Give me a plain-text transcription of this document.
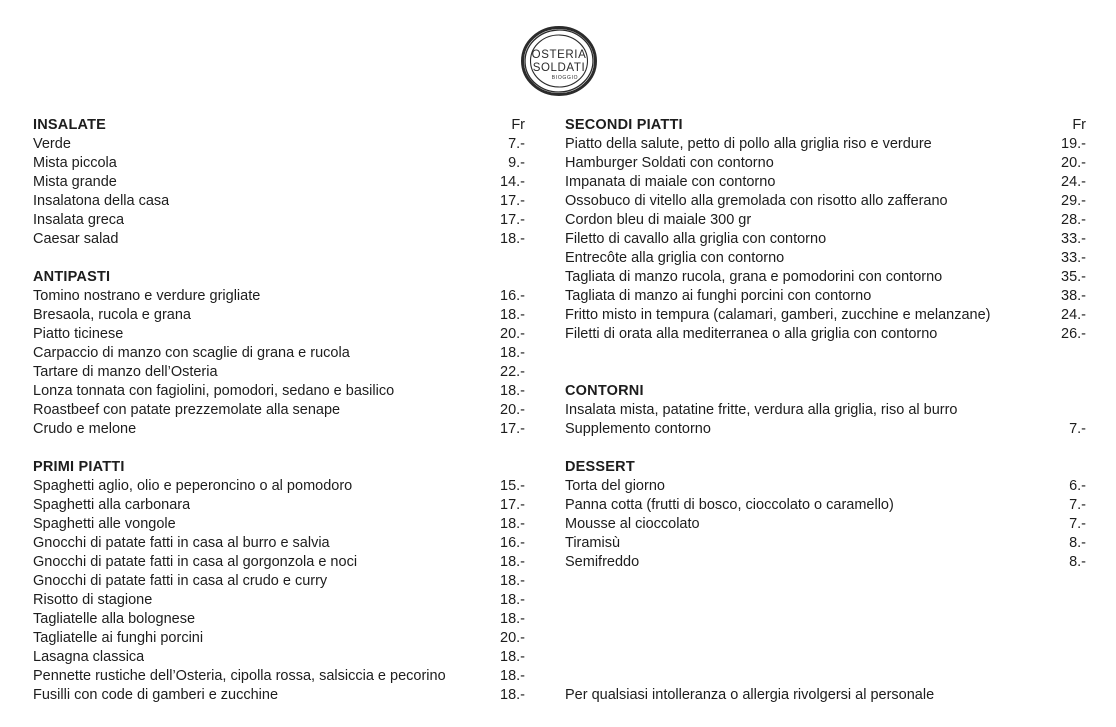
OSTERIA
SOLDATI
BIOGGIO
INSALATE	Fr
Verde	7.-
Mista piccola	9.-
Mista grande	14.-
Insalatona della casa	17.-
Insalata greca	17.-
Caesar salad	18.-
ANTIPASTI
Tomino nostrano e verdure grigliate	16.-
Bresaola, rucola e grana	18.-
Piatto ticinese	20.-
Carpaccio di manzo con scaglie di grana e rucola	18.-
Tartare di manzo dell’Osteria	22.-
Lonza tonnata con fagiolini, pomodori, sedano e basilico	18.-
Roastbeef con patate prezzemolate alla senape	20.-
Crudo e melone	17.-
PRIMI PIATTI
Spaghetti aglio, olio e peperoncino o al pomodoro	15.-
Spaghetti alla carbonara	17.-
Spaghetti alle vongole	18.-
Gnocchi di patate fatti in casa al burro e salvia	16.-
Gnocchi di patate fatti in casa al gorgonzola e noci	18.-
Gnocchi di patate fatti in casa al crudo e curry	18.-
Risotto di stagione	18.-
Tagliatelle alla bolognese	18.-
Tagliatelle ai funghi porcini	20.-
Lasagna classica	18.-
Pennette rustiche dell’Osteria, cipolla rossa, salsiccia e pecorino	18.-
Fusilli con code di gamberi e zucchine	18.-
SECONDI PIATTI	Fr
Piatto della salute, petto di pollo alla griglia riso e verdure	19.-
Hamburger Soldati con contorno	20.-
Impanata di maiale con contorno	24.-
Ossobuco di vitello alla gremolada con risotto allo zafferano	29.-
Cordon bleu di maiale 300 gr	28.-
Filetto di cavallo alla griglia con contorno	33.-
Entrecôte alla griglia con contorno	33.-
Tagliata di manzo rucola, grana e pomodorini con contorno	35.-
Tagliata di manzo ai funghi porcini con contorno	38.-
Fritto misto in tempura (calamari, gamberi, zucchine e melanzane)	24.-
Filetti di orata alla mediterranea o alla griglia con contorno	26.-
CONTORNI
Insalata mista, patatine fritte, verdura alla griglia, riso al burro
Supplemento contorno	7.-
DESSERT
Torta del giorno	6.-
Panna cotta (frutti di bosco, cioccolato o caramello)	7.-
Mousse al cioccolato	7.-
Tiramisù	8.-
Semifreddo	8.-
Per qualsiasi intolleranza o allergia rivolgersi al personale
